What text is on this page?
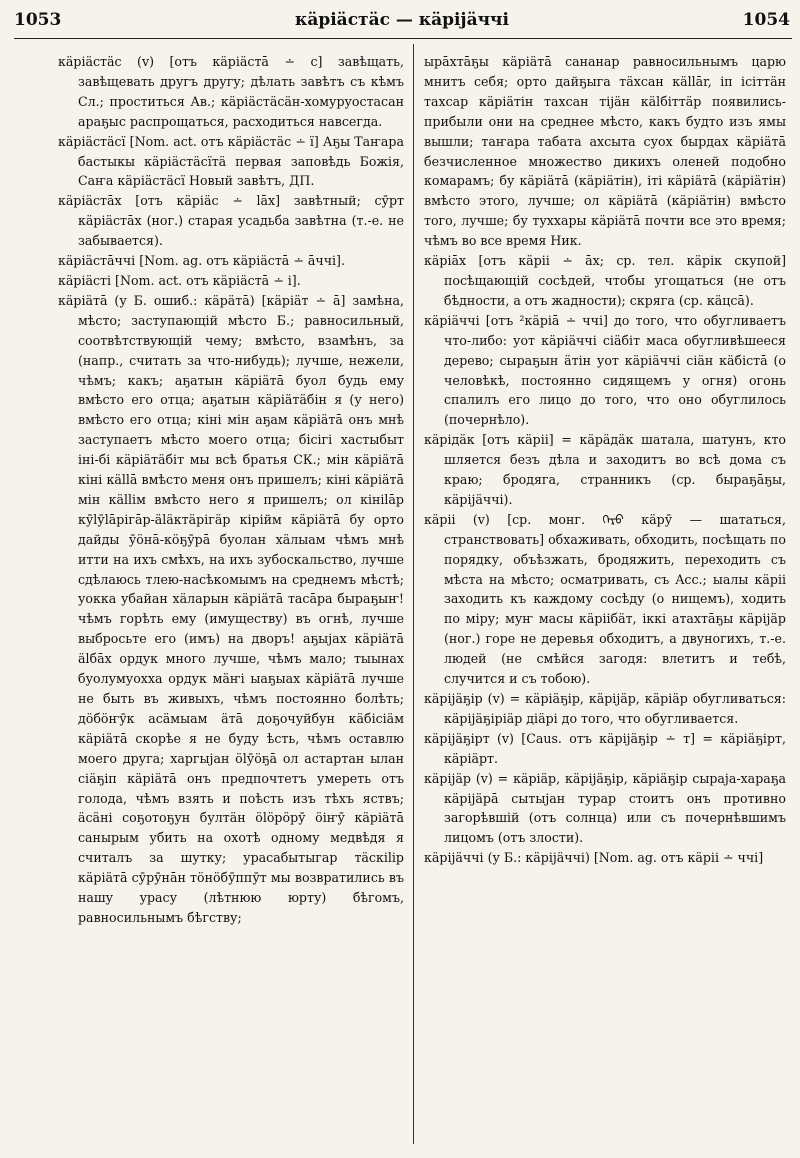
1053	кäріäстäс — кäрiјäччi	1054

кäріäстäс (v) [отъ кäріäстā ∸ с] завѣщать, завѣщевать другъ другу; дѣлать завѣтъ съ кѣмъ Сл.; проститься Ав.; кäріäстäсäн-хомуруостасан араҕыс распрощаться, расходиться навсегда.

кäріäстäсї [Nom. act. отъ кäріäстäс ∸ ї] Аҕы Таҥара бастыкы кäріäстäсїтä первая заповѣдь Божія, Саҥа кäріäстäсї Новый завѣтъ, ДП.

кäріäстāх [отъ кäріäс ∸ lāх] завѣтный; сӯрт кäріäстāх (ног.) старая усадьба завѣтна (т.-е. не забывается).

кäріäстāччі [Nom. ag. отъ кäріäстā ∸ āччі].

кäріäсті [Nom. act. отъ кäріäстā ∸ і].

кäріäтā (у Б. ошиб.: кäрäтā) [кäріäт ∸ ā] замѣна, мѣсто; заступающій мѣсто Б.; равносильный, соотвѣтствующій чему; вмѣсто, взамѣнъ, за (напр., считать за что-нибудь); лучше, нежели, чѣмъ; какъ; аҕатын кäріäтā буол будь ему вмѣсто его отца; аҕатын кäріäтäбін я (у него) вмѣсто его отца; кіні мін аҕам кäріäтā онъ мнѣ заступаетъ мѣсто моего отца; бісігі хастыбыт іні-бі кäріäтäбіт мы всѣ братья СК.; мін кäріäтā кіні кällā вмѣсто меня онъ пришелъ; кіні кäріäтā мін кällім вмѣсто него я пришелъ; ол кініlāр кӯlӯlāрігāр-äläктäрігäр кірійм кäріäтā бу орто дайды ӯöнā-кӧҕӯрā буолан хäлыам чѣмъ мнѣ итти на ихъ смѣхъ, на ихъ зубоскальство, лучше сдѣлаюсь тлею-насѣкомымъ на среднемъ мѣстѣ; уокка убайан хäларын кäріäтā тасāра быраҕыҥ! чѣмъ горѣть ему (имуществу) въ огнѣ, лучше выбросьте его (имъ) на дворъ! аҕыјах кäріäтā älбāх ордук много лучше, чѣмъ мало; тыынах буолумуохха ордук мäҥі ыаҕыах кäріäтā лучше не быть въ живыхъ, чѣмъ постоянно болѣть; дӧбӧҥӯк асäмыам äтā доҕочуйбун кäбісіäм кäріäтā скорѣе я не буду ѣсть, чѣмъ оставлю моего друга; харгыјан ölӯöҕā ол астартан ылан сіäҕіп кäріäтā онъ предпочтетъ умереть отъ голода, чѣмъ взять и поѣсть изъ тѣхъ яствъ; äсäні соҕотоҕун бултäн ölöрöрӯ öіҥӯ кäріäтā санырым убить на охотѣ одному медвѣдя я считалъ за шутку; урасабытыгар тäскіlір кäріäтā сӯрӯнāн тöнӧбӯппӯт мы возвратились въ нашу урасу (лѣтнюю юрту) бѣгомъ, равносильнымъ бѣгству;

ырāхтāҕы кäріäтā сананар равносильнымъ царю мнитъ себя; орто дайҕыга тäхсан кällār, іп ісіттäн тахсар кäріäтін тахсан тіјäн кälбіттäр появились-прибыли они на среднее мѣсто, какъ будто изъ ямы вышли; таҥара табата ахсыта суох бырдах кäріäтā безчисленное множество дикихъ оленей подобно комарамъ; бу кäріäтā (кäріäтін), іті кäріäтā (кäріäтін) вмѣсто этого, лучше; ол кäріäтā (кäріäтін) вмѣсто того, лучше; бу тухxары кäріäтā почти все это время; чѣмъ во все время Ник.

кäріāх [отъ кäріі ∸ āх; ср. тел. кäрік скупой] посѣщающій сосѣдей, чтобы угощаться (не отъ бѣдности, а отъ жадности); скряга (ср. кäцсā).

кäріäччі [отъ ²кäріā ∸ ччі] до того, что обугливаетъ что-либо: уот кäріäччі сіäбіт маса обугливѣшееся дерево; сыраҕын äтін уот кäріäччі сіäн кäбістā (о человѣкѣ, постоянно сидящемъ у огня) огонь спалилъ его лицо до того, что оно обуглилось (почернѣло).

кäрідäк [отъ кäріі] = кäрäдäк шатала, шатунъ, кто шляется безъ дѣла и заходитъ во всѣ дома съ краю; бродяга, странникъ (ср. быраҕāҕы, кäрiјäччi).

кäріі (v) [ср. монг. ᠭᠡᠷᠦ кäрӯ — шататься, странствовать] обхаживать, обходить, посѣщать по порядку, объѣзжать, бродяжить, переходить съ мѣста на мѣсто; осматривать, съ Acc.; ыалы кäріі заходить къ каждому сосѣду (о нищемъ), ходить по міру; муҥ масы кäріібäт, іккі атахтāҕы кäріјäр (ног.) горе не деревья обходитъ, а двуногихъ, т.-е. людей (не смѣйся загодя: влетитъ и тебѣ, случится и съ тобою).

кäріјäҕір (v) = кäріäҕір, кäріјäр, кäріäр обугливаться: кäріјäҕіріäр діäрі до того, что обугливается.

кäріјäҕірт (v) [Caus. отъ кäріјäҕір ∸ т] = кäріäҕірт, кäріäрт.

кäріјäр (v) = кäріäр, кäріјäҕір, кäріäҕір сыраја-хараҕа кäріјäрā сытыјан турар стоитъ онъ противно загорѣвшій (отъ солнца) или съ почернѣвшимъ лицомъ (отъ злости).

кäрiјäччi (у Б.: кäрiјäччi) [Nom. ag. отъ кäріі ∸ ччі]
